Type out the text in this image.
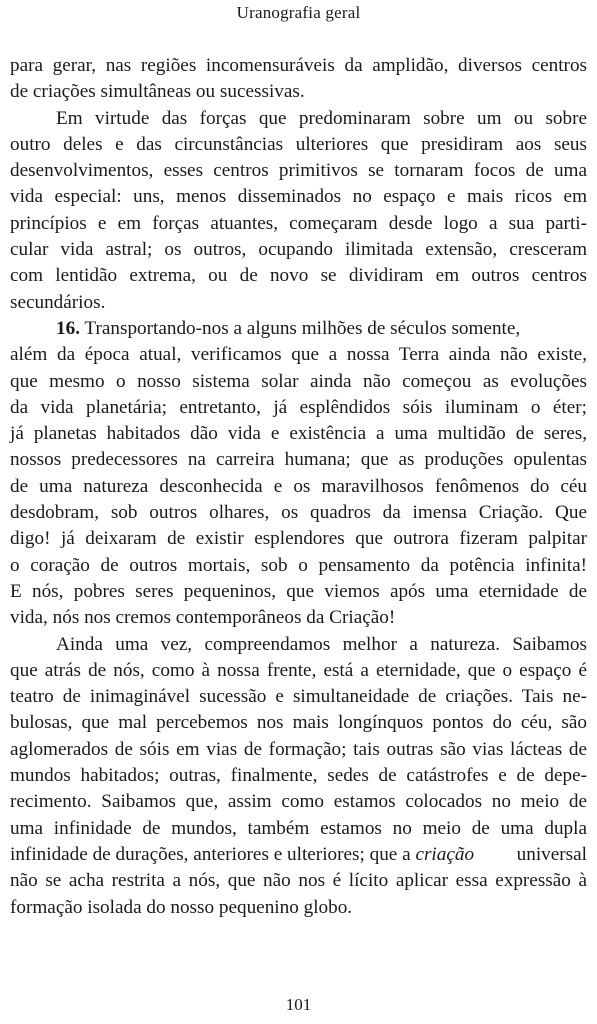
Uranografia geral
para gerar, nas regiões incomensuráveis da amplidão, diversos centros
de criações simultâneas ou sucessivas.
Em virtude das forças que predominaram sobre um ou sobre
outro deles e das circunstâncias ulteriores que presidiram aos seus
desenvolvimentos, esses centros primitivos se tornaram focos de uma
vida especial: uns, menos disseminados no espaço e mais ricos em
princípios e em forças atuantes, começaram desde logo a sua parti-
cular vida astral; os outros, ocupando ilimitada extensão, cresceram
com lentidão extrema, ou de novo se dividiram em outros centros
secundários.
16. Transportando-nos a alguns milhões de séculos somente,
além da época atual, verificamos que a nossa Terra ainda não existe,
que mesmo o nosso sistema solar ainda não começou as evoluções
da vida planetária; entretanto, já esplêndidos sóis iluminam o éter;
já planetas habitados dão vida e existência a uma multidão de seres,
nossos predecessores na carreira humana; que as produções opulentas
de uma natureza desconhecida e os maravilhosos fenômenos do céu
desdobram, sob outros olhares, os quadros da imensa Criação. Que
digo! já deixaram de existir esplendores que outrora fizeram palpitar
o coração de outros mortais, sob o pensamento da potência infinita!
E nós, pobres seres pequeninos, que viemos após uma eternidade de
vida, nós nos cremos contemporâneos da Criação!
Ainda uma vez, compreendamos melhor a natureza. Saibamos
que atrás de nós, como à nossa frente, está a eternidade, que o espaço é
teatro de inimaginável sucessão e simultaneidade de criações. Tais ne-
bulosas, que mal percebemos nos mais longínquos pontos do céu, são
aglomerados de sóis em vias de formação; tais outras são vias lácteas de
mundos habitados; outras, finalmente, sedes de catástrofes e de depe-
recimento. Saibamos que, assim como estamos colocados no meio de
uma infinidade de mundos, também estamos no meio de uma dupla
infinidade de durações, anteriores e ulteriores; que a criação universal
não se acha restrita a nós, que não nos é lícito aplicar essa expressão à
formação isolada do nosso pequenino globo.
101
